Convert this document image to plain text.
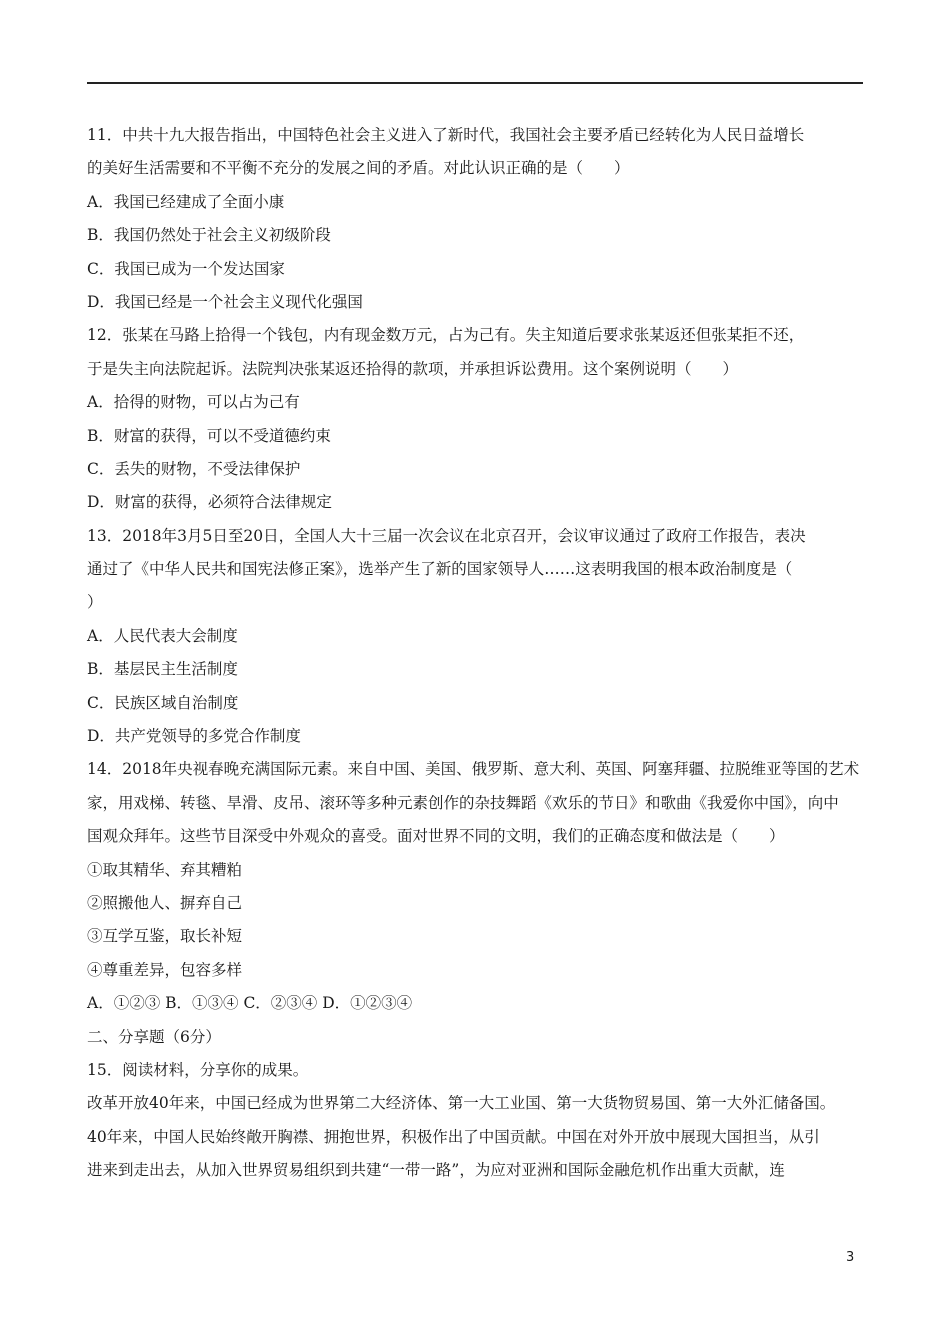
11．中共十九大报告指出，中国特色社会主义进入了新时代，我国社会主要矛盾已经转化为人民日益增长
的美好生活需要和不平衡不充分的发展之间的矛盾。对此认识正确的是（　　）
A．我国已经建成了全面小康
B．我国仍然处于社会主义初级阶段
C．我国已成为一个发达国家
D．我国已经是一个社会主义现代化强国
12．张某在马路上拾得一个钱包，内有现金数万元，占为己有。失主知道后要求张某返还但张某拒不还，
于是失主向法院起诉。法院判决张某返还拾得的款项，并承担诉讼费用。这个案例说明（　　）
A．拾得的财物，可以占为己有
B．财富的获得，可以不受道德约束
C．丢失的财物，不受法律保护
D．财富的获得，必须符合法律规定
13．2018年3月5日至20日，全国人大十三届一次会议在北京召开，会议审议通过了政府工作报告，表决
通过了《中华人民共和国宪法修正案》，选举产生了新的国家领导人……这表明我国的根本政治制度是（
）
A．人民代表大会制度
B．基层民主生活制度
C．民族区域自治制度
D．共产党领导的多党合作制度
14．2018年央视春晚充满国际元素。来自中国、美国、俄罗斯、意大利、英国、阿塞拜疆、拉脱维亚等国的艺术
家，用戏梯、转毯、旱滑、皮吊、滚环等多种元素创作的杂技舞蹈《欢乐的节日》和歌曲《我爱你中国》，向中
国观众拜年。这些节目深受中外观众的喜受。面对世界不同的文明，我们的正确态度和做法是（　　）
①取其精华、弃其糟粕
②照搬他人、摒弃自己
③互学互鉴，取长补短
④尊重差异，包容多样
A．①②③ B．①③④ C．②③④ D．①②③④
二、分享题（6分）
15．阅读材料，分享你的成果。
改革开放40年来，中国已经成为世界第二大经济体、第一大工业国、第一大货物贸易国、第一大外汇储备国。
40年来，中国人民始终敞开胸襟、拥抱世界，积极作出了中国贡献。中国在对外开放中展现大国担当，从引
进来到走出去，从加入世界贸易组织到共建“一带一路”，为应对亚洲和国际金融危机作出重大贡献，连
3
